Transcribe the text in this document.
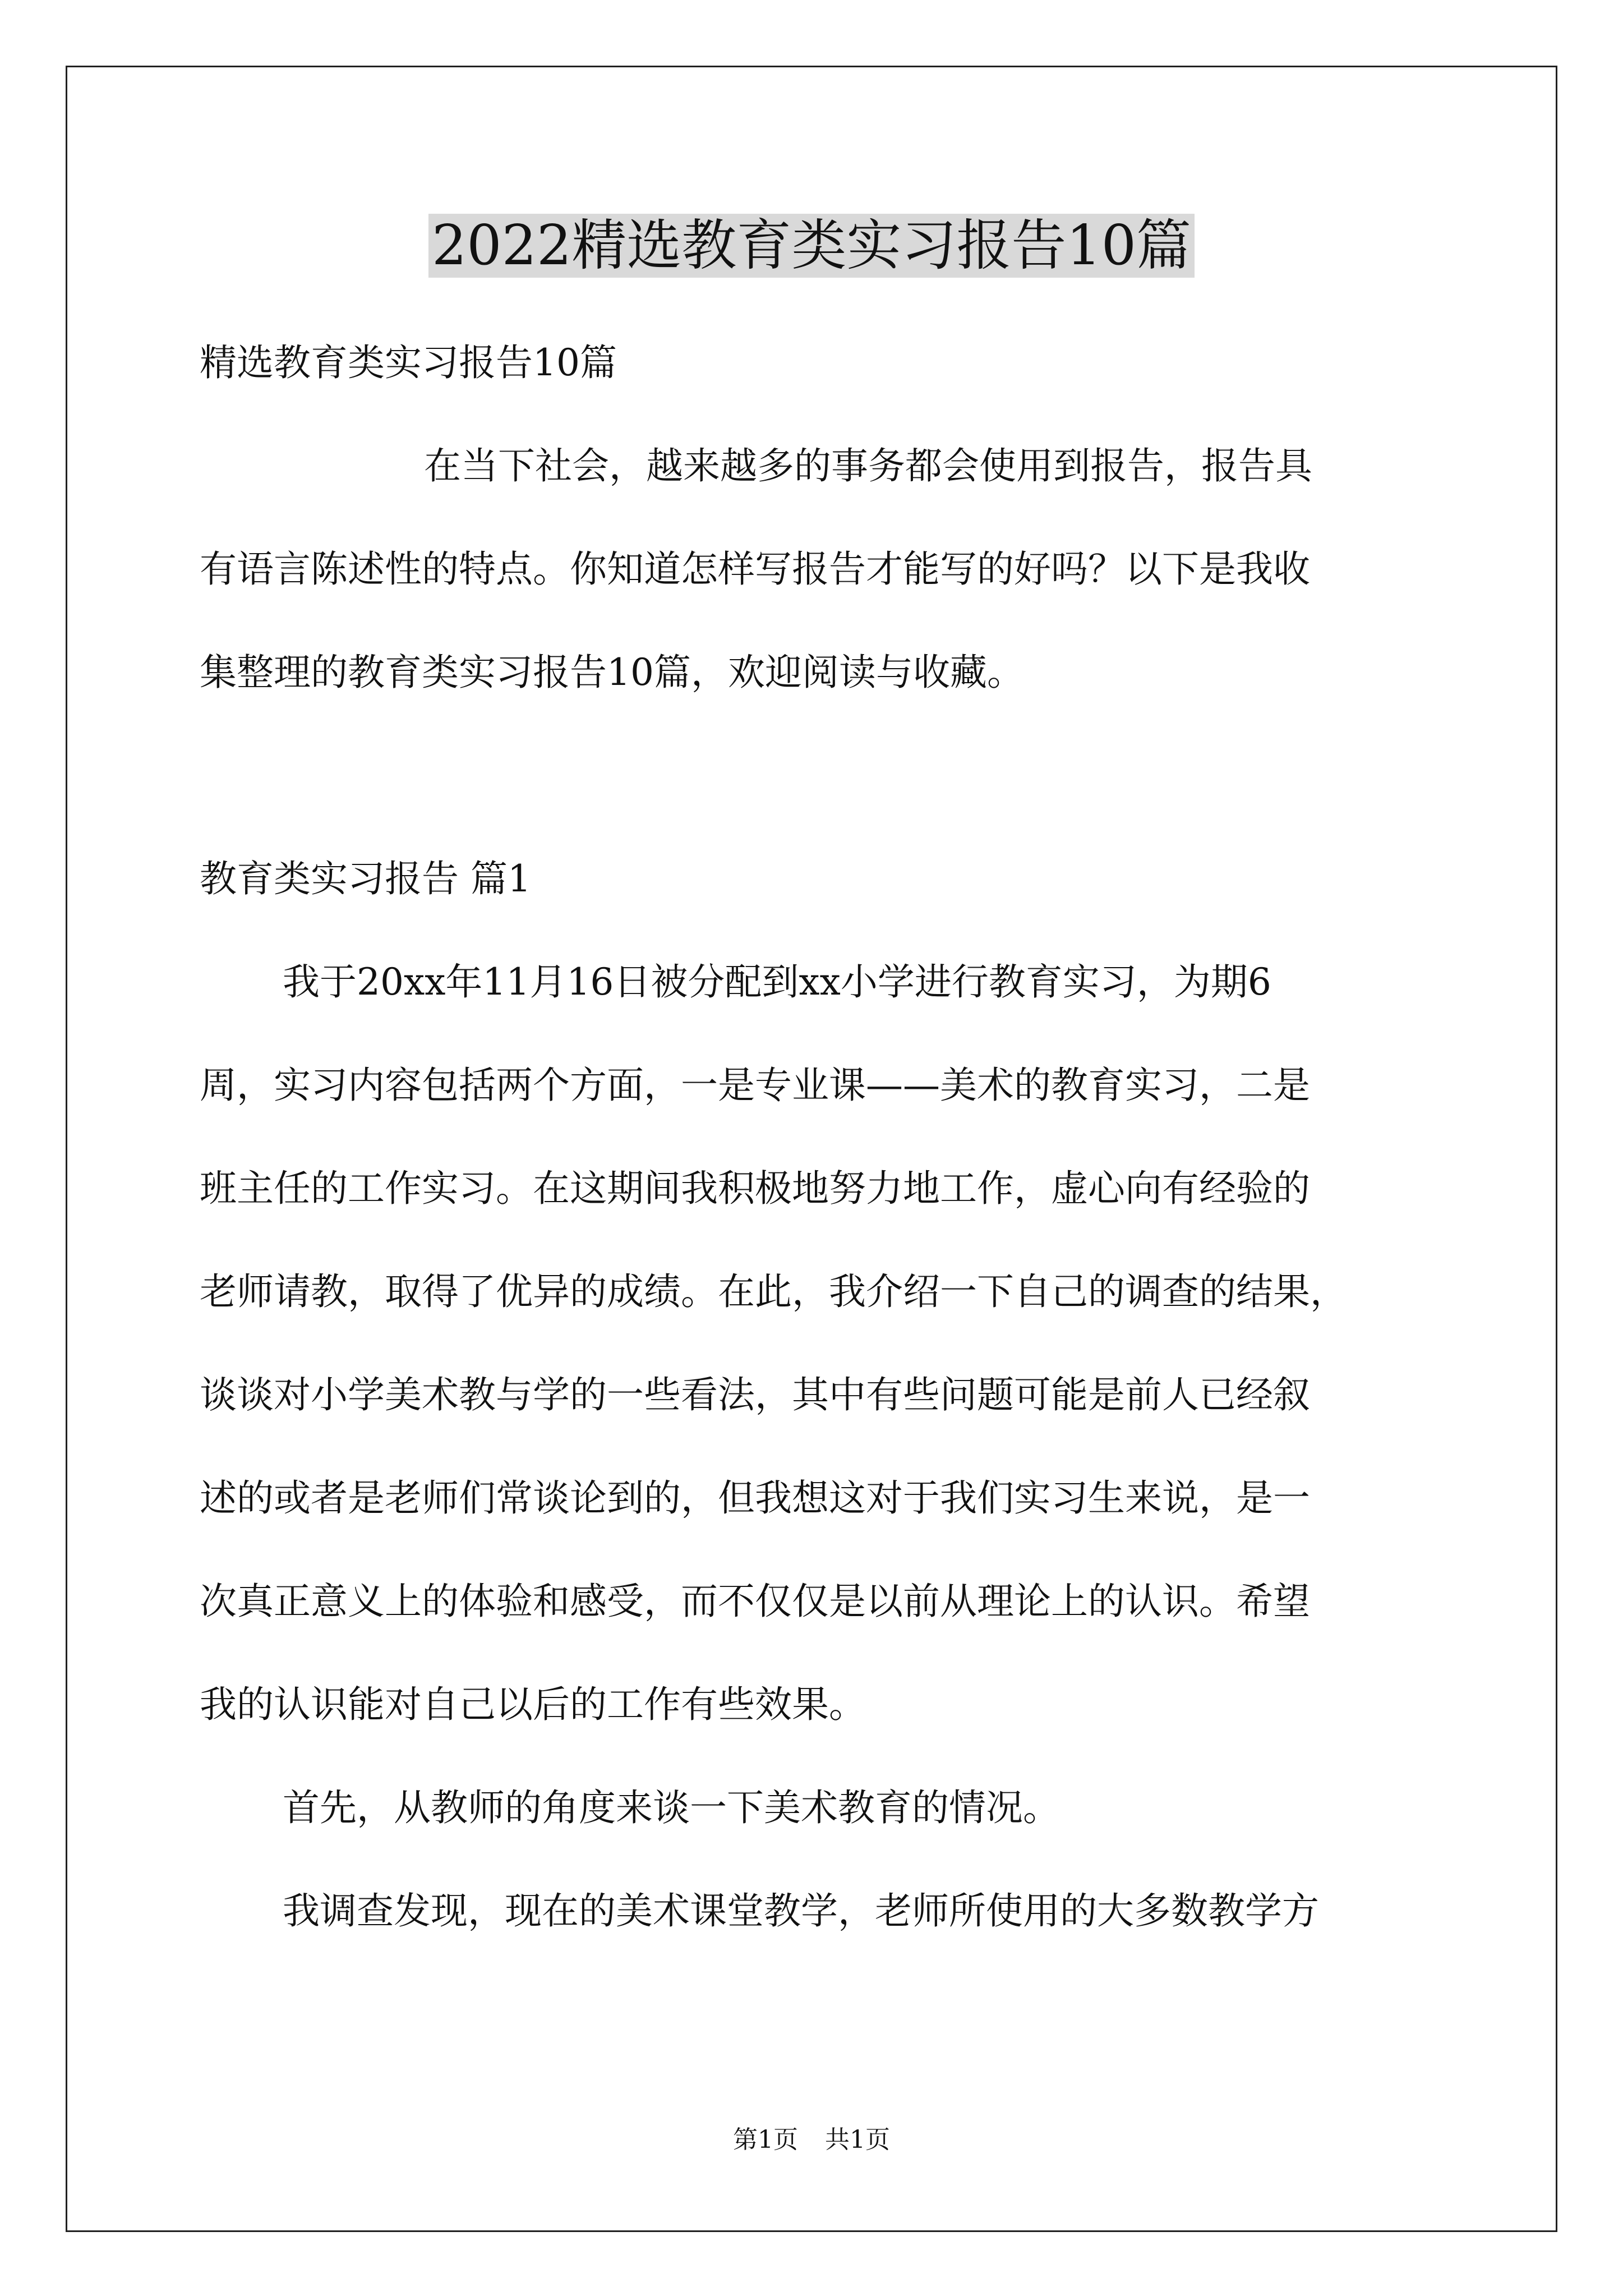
2022精选教育类实习报告10篇

精选教育类实习报告10篇

在当下社会，越来越多的事务都会使用到报告，报告具

有语言陈述性的特点。你知道怎样写报告才能写的好吗？以下是我收

集整理的教育类实习报告10篇，欢迎阅读与收藏。

教育类实习报告 篇1

我于20xx年11月16日被分配到xx小学进行教育实习，为期6

周，实习内容包括两个方面，一是专业课——美术的教育实习，二是

班主任的工作实习。在这期间我积极地努力地工作，虚心向有经验的

老师请教，取得了优异的成绩。在此，我介绍一下自己的调查的结果，

谈谈对小学美术教与学的一些看法，其中有些问题可能是前人已经叙

述的或者是老师们常谈论到的，但我想这对于我们实习生来说，是一

次真正意义上的体验和感受，而不仅仅是以前从理论上的认识。希望

我的认识能对自己以后的工作有些效果。

首先，从教师的角度来谈一下美术教育的情况。

我调查发现，现在的美术课堂教学，老师所使用的大多数教学方

第1页 共1页
